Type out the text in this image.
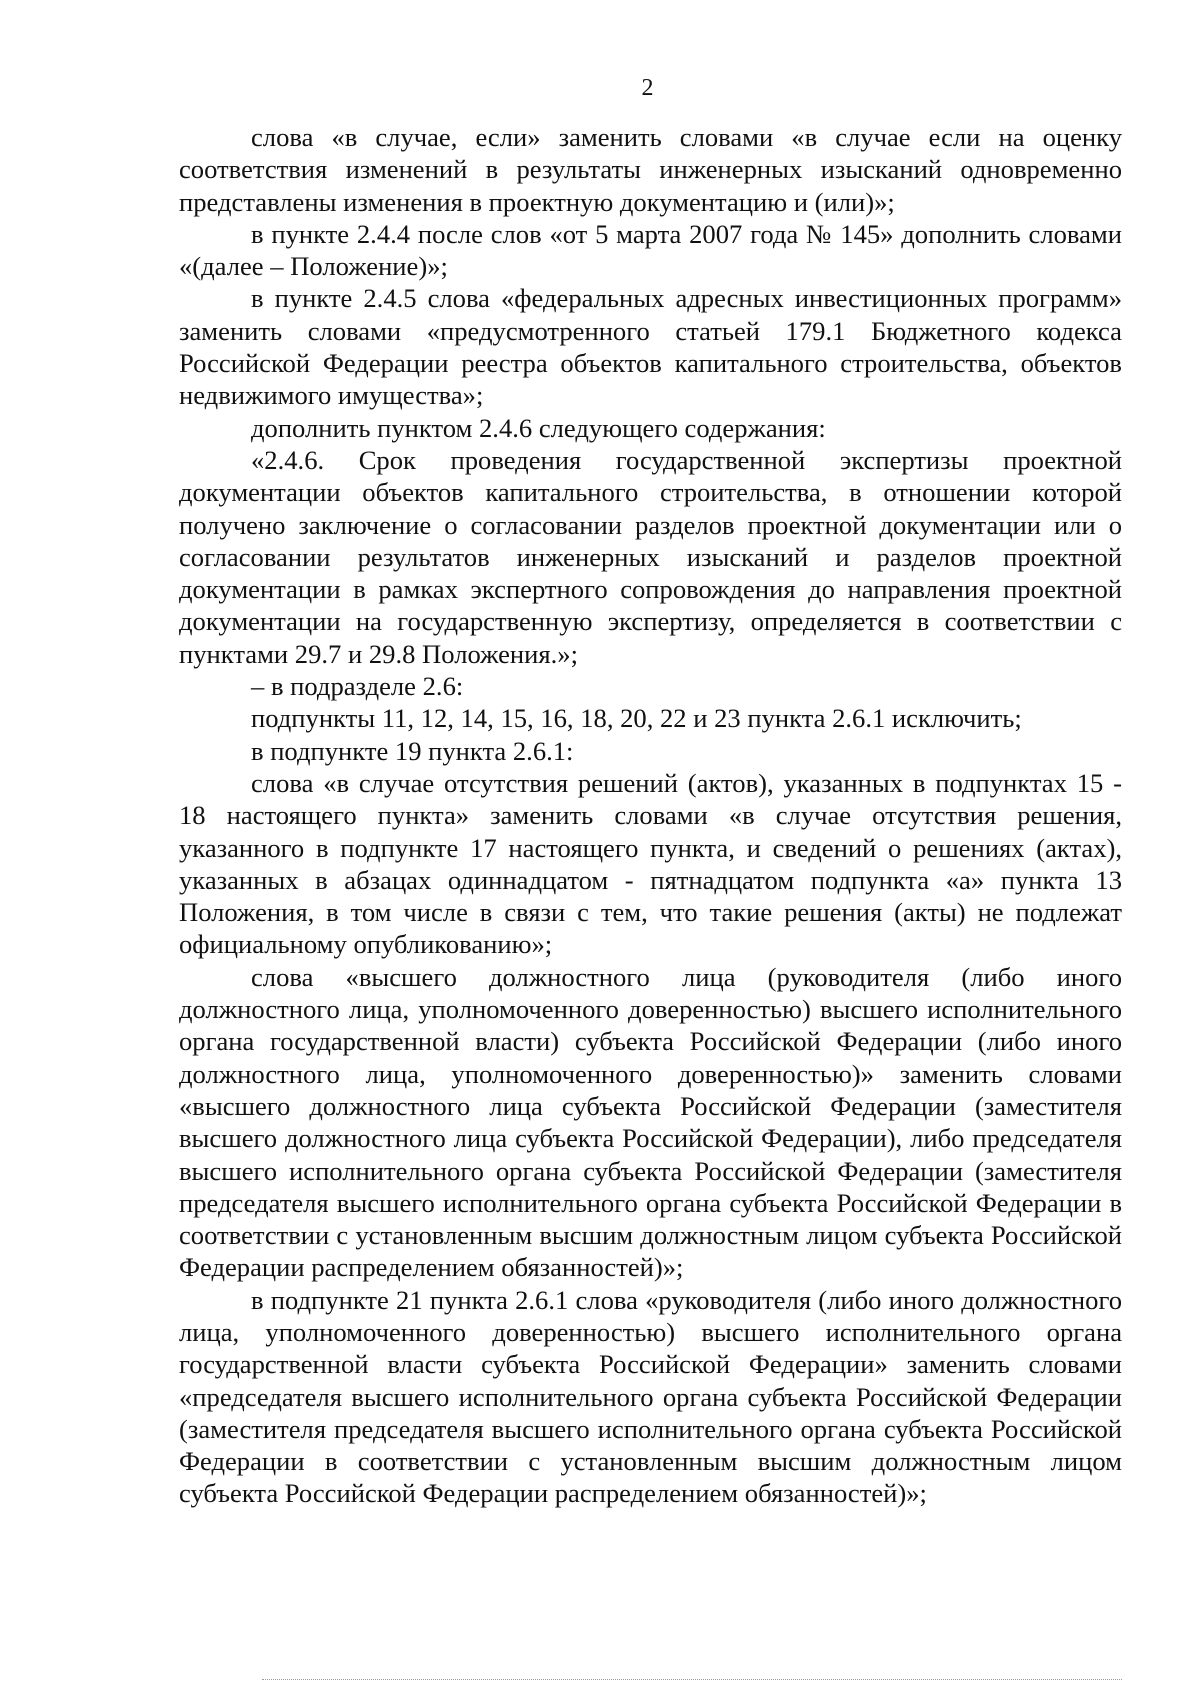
2

слова «в случае, если» заменить словами «в случае если на оценку соответствия изменений в результаты инженерных изысканий одновременно представлены изменения в проектную документацию и (или)»;

в пункте 2.4.4 после слов «от 5 марта 2007 года № 145» дополнить словами «(далее – Положение)»;

в пункте 2.4.5 слова «федеральных адресных инвестиционных программ» заменить словами «предусмотренного статьей 179.1 Бюджетного кодекса Российской Федерации реестра объектов капитального строительства, объектов недвижимого имущества»;

дополнить пунктом 2.4.6 следующего содержания:

«2.4.6. Срок проведения государственной экспертизы проектной документации объектов капитального строительства, в отношении которой получено заключение о согласовании разделов проектной документации или о согласовании результатов инженерных изысканий и разделов проектной документации в рамках экспертного сопровождения до направления проектной документации на государственную экспертизу, определяется в соответствии с пунктами 29.7 и 29.8 Положения.»;

– в подразделе 2.6:

подпункты 11, 12, 14, 15, 16, 18, 20, 22 и 23 пункта 2.6.1 исключить;

в подпункте 19 пункта 2.6.1:

слова «в случае отсутствия решений (актов), указанных в подпунктах 15 - 18 настоящего пункта» заменить словами «в случае отсутствия решения, указанного в подпункте 17 настоящего пункта, и сведений о решениях (актах), указанных в абзацах одиннадцатом - пятнадцатом подпункта «а» пункта 13 Положения, в том числе в связи с тем, что такие решения (акты) не подлежат официальному опубликованию»;

слова «высшего должностного лица (руководителя (либо иного должностного лица, уполномоченного доверенностью) высшего исполнительного органа государственной власти) субъекта Российской Федерации (либо иного должностного лица, уполномоченного доверенностью)» заменить словами «высшего должностного лица субъекта Российской Федерации (заместителя высшего должностного лица субъекта Российской Федерации), либо председателя высшего исполнительного органа субъекта Российской Федерации (заместителя председателя высшего исполнительного органа субъекта Российской Федерации в соответствии с установленным высшим должностным лицом субъекта Российской Федерации распределением обязанностей)»;

в подпункте 21 пункта 2.6.1 слова «руководителя (либо иного должностного лица, уполномоченного доверенностью) высшего исполнительного органа государственной власти субъекта Российской Федерации» заменить словами «председателя высшего исполнительного органа субъекта Российской Федерации (заместителя председателя высшего исполнительного органа субъекта Российской Федерации в соответствии с установленным высшим должностным лицом субъекта Российской Федерации распределением обязанностей)»;
